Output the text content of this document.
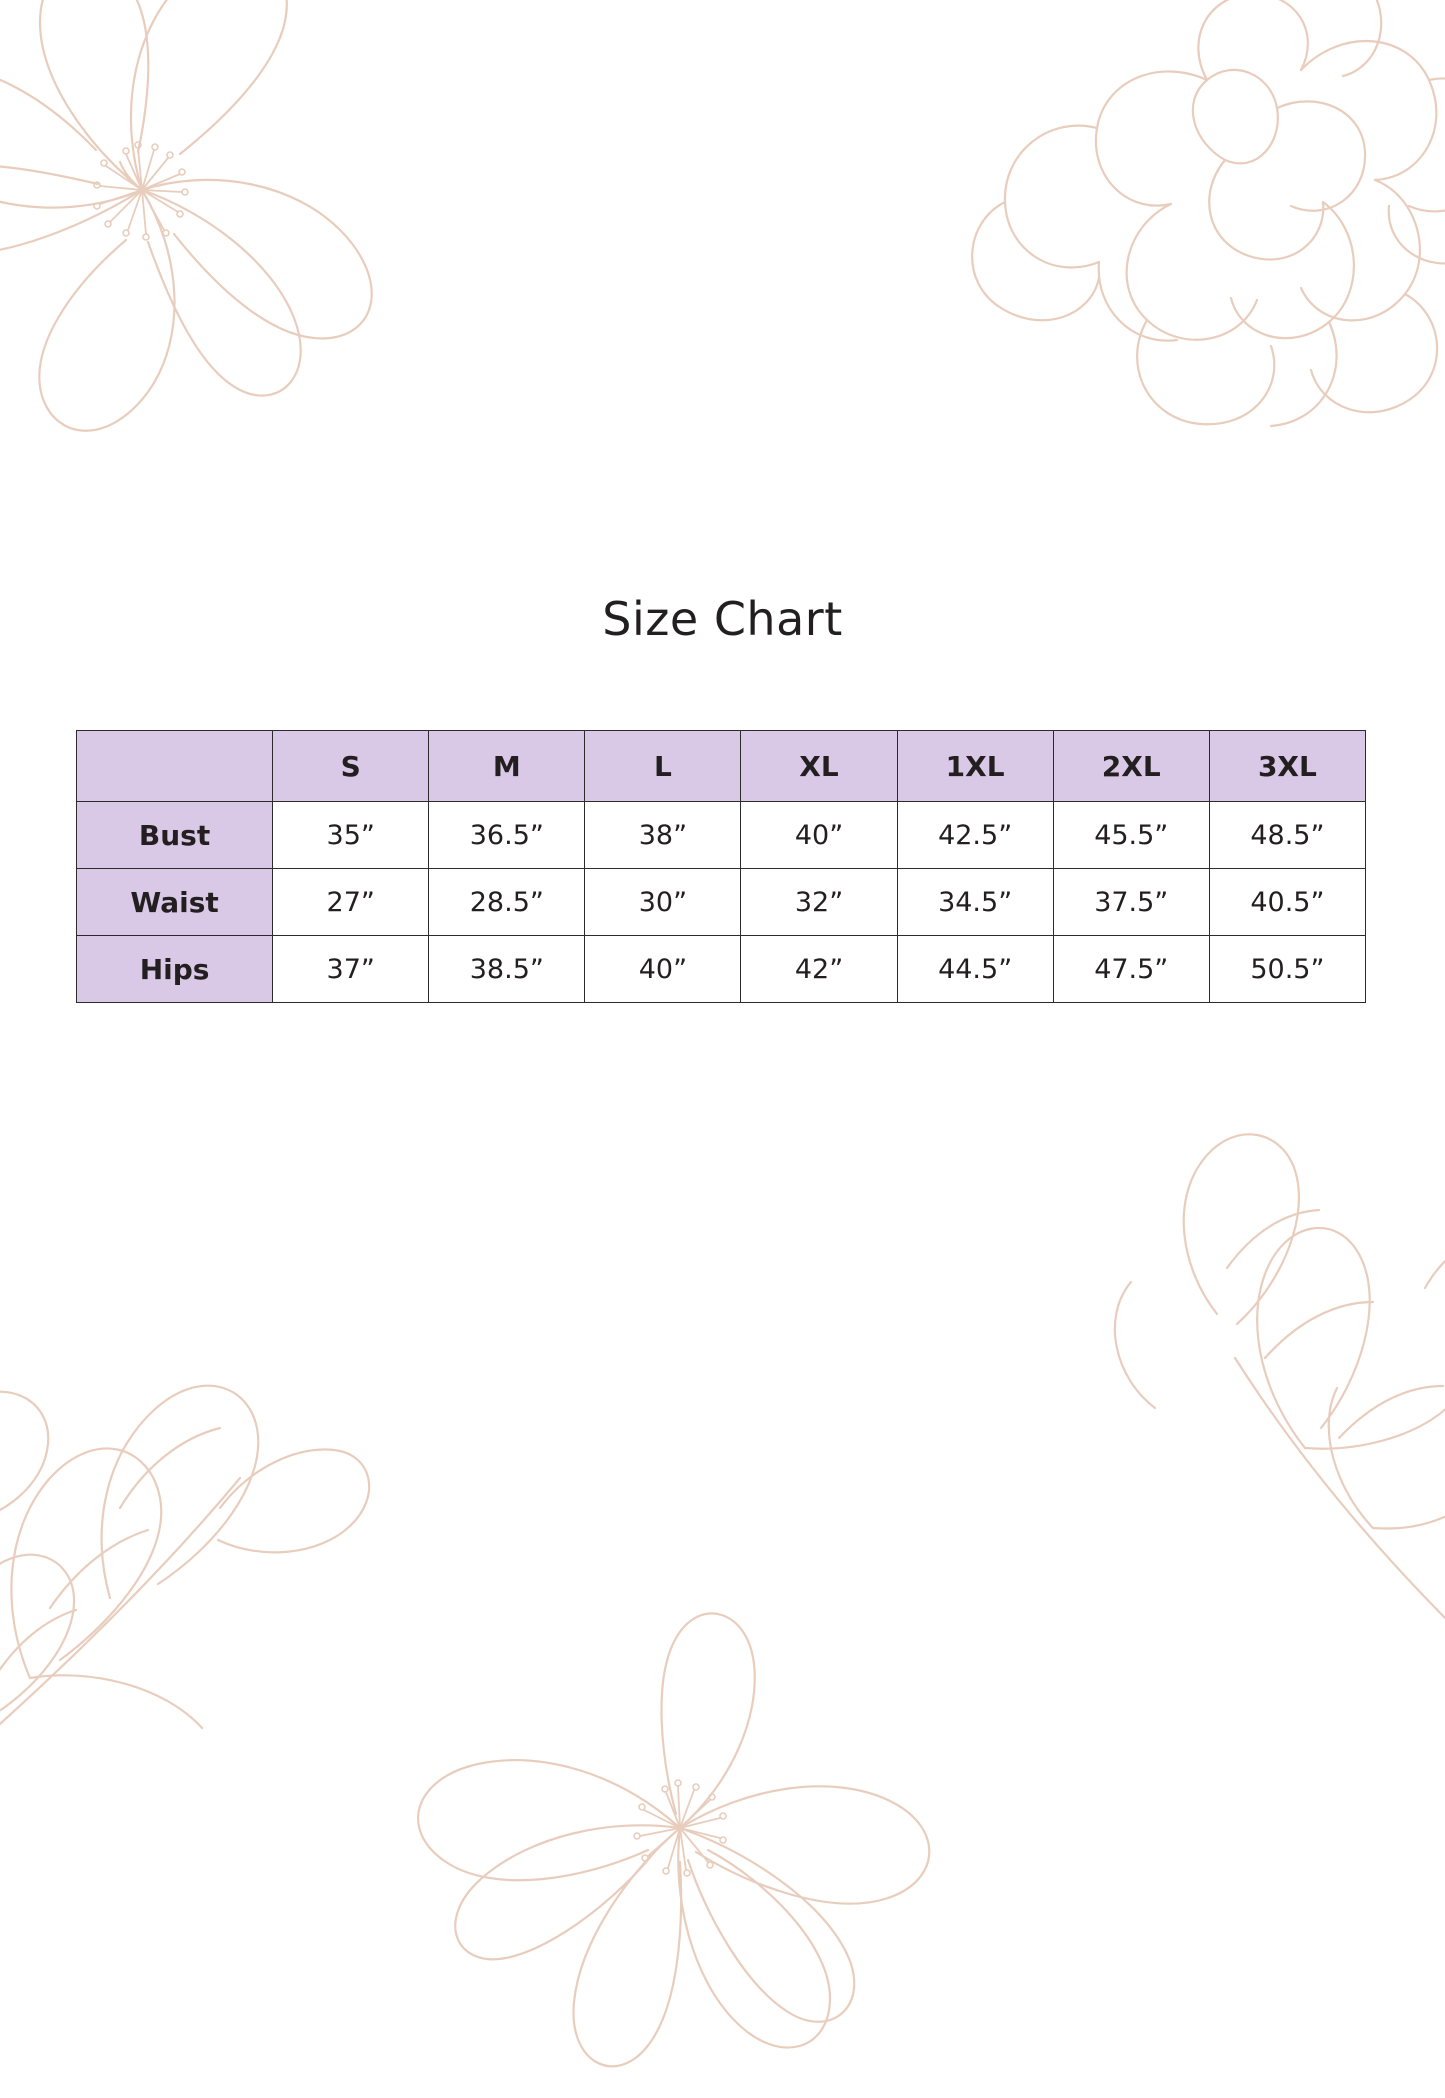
Size Chart
	S	M	L	XL	1XL	2XL	3XL
Bust	35”	36.5”	38”	40”	42.5”	45.5”	48.5”
Waist	27”	28.5”	30”	32”	34.5”	37.5”	40.5”
Hips	37”	38.5”	40”	42”	44.5”	47.5”	50.5”
